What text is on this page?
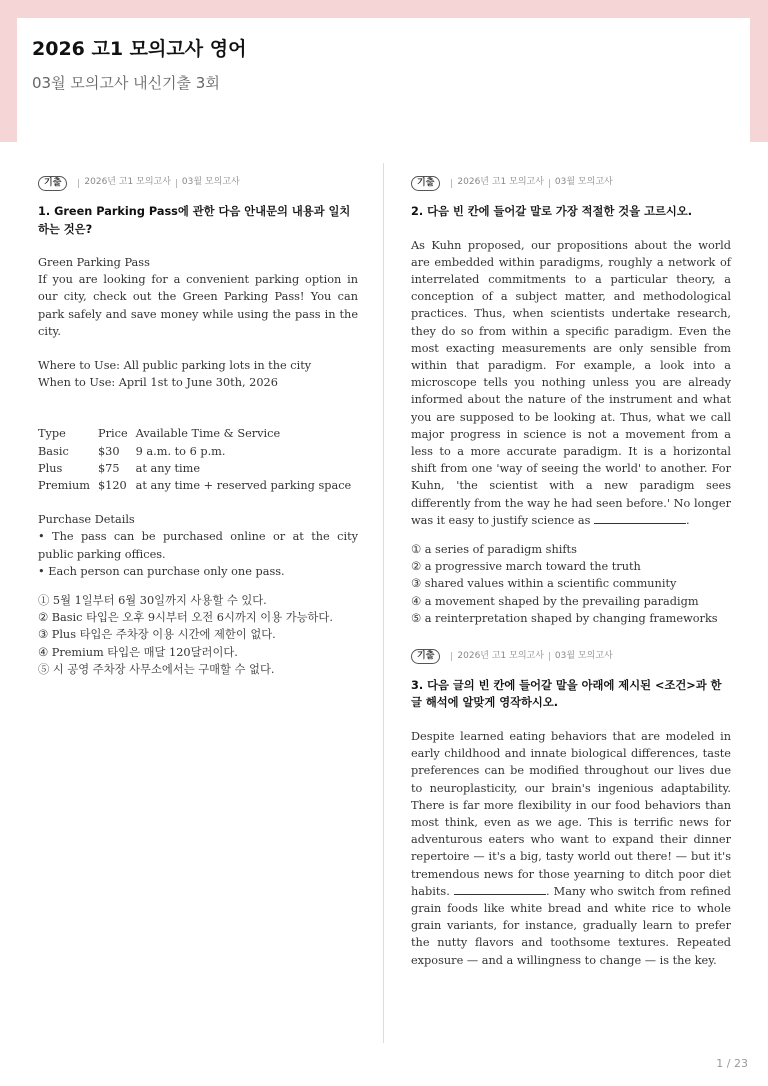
2026 고1 모의고사 영어
03월 모의고사 내신기출 3회
기출	2026년 고1 모의고사 03월 모의고사
1. Green Parking Pass에 관한 다음 안내문의 내용과 일치하는 것은?

Green Parking Pass

If you are looking for a convenient parking option in our city, check out the Green Parking Pass! You can park safely and save money while using the pass in the city.

Where to Use: All public parking lots in the city

When to Use: April 1st to June 30th, 2026

Type	Price	Available Time & Service
Basic	$30	9 a.m. to 6 p.m.
Plus	$75	at any time
Premium	$120	at any time + reserved parking space

Purchase Details

• The pass can be purchased online or at the city public parking offices.

• Each person can purchase only one pass.

① 5월 1일부터 6월 30일까지 사용할 수 있다.
② Basic 타입은 오후 9시부터 오전 6시까지 이용 가능하다.
③ Plus 타입은 주차장 이용 시간에 제한이 없다.
④ Premium 타입은 매달 120달러이다.
⑤ 시 공영 주차장 사무소에서는 구매할 수 없다.
기출	2026년 고1 모의고사 03월 모의고사
2. 다음 빈 칸에 들어갈 말로 가장 적절한 것을 고르시오.
As Kuhn proposed, our propositions about the world are embedded within paradigms, roughly a network of interrelated commitments to a particular theory, a conception of a subject matter, and methodological practices. Thus, when scientists undertake research, they do so from within a specific paradigm. Even the most exacting measurements are only sensible from within that paradigm. For example, a look into a microscope tells you nothing unless you are already informed about the nature of the instrument and what you are supposed to be looking at. Thus, what we call major progress in science is not a movement from a less to a more accurate paradigm. It is a horizontal shift from one 'way of seeing the world' to another. For Kuhn, 'the scientist with a new paradigm sees differently from the way he had seen before.' No longer was it easy to justify science as	.
① a series of paradigm shifts
② a progressive march toward the truth
③ shared values within a scientific community
④ a movement shaped by the prevailing paradigm
⑤ a reinterpretation shaped by changing frameworks
기출	2026년 고1 모의고사 03월 모의고사
3. 다음 글의 빈 칸에 들어갈 말을 아래에 제시된 <조건>과 한글 해석에 알맞게 영작하시오.
Despite learned eating behaviors that are modeled in early childhood and innate biological differences, taste preferences can be modified throughout our lives due to neuroplasticity, our brain's ingenious adaptability. There is far more flexibility in our food behaviors than most think, even as we age. This is terrific news for adventurous eaters who want to expand their dinner repertoire — it's a big, tasty world out there! — but it's tremendous news for those yearning to ditch poor diet habits.	. Many who switch from refined grain foods like white bread and white rice to whole grain variants, for instance, gradually learn to prefer the nutty flavors and toothsome textures. Repeated exposure — and a willingness to change — is the key.
1 / 23
